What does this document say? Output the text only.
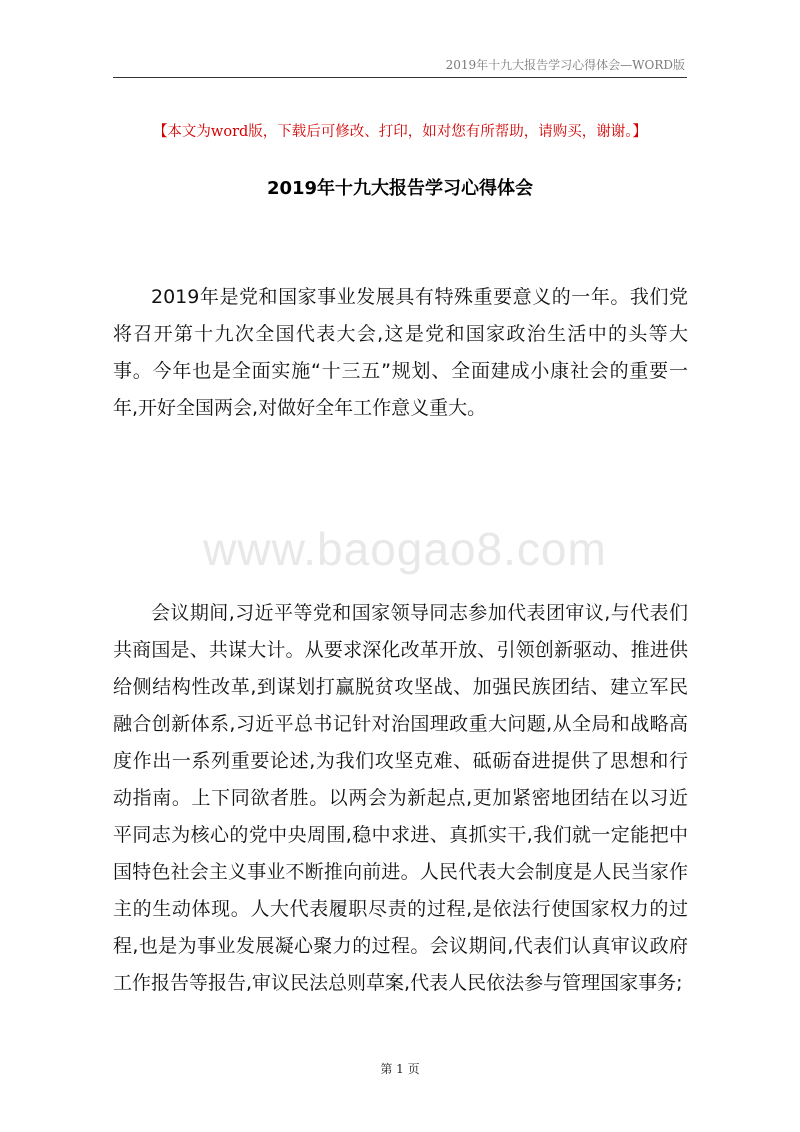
2019年十九大报告学习心得体会—WORD版
【本文为word版，下载后可修改、打印，如对您有所帮助，请购买，谢谢。】
2019年十九大报告学习心得体会

2019年是党和国家事业发展具有特殊重要意义的一年。我们党将召开第十九次全国代表大会,这是党和国家政治生活中的头等大事。今年也是全面实施“十三五”规划、全面建成小康社会的重要一年,开好全国两会,对做好全年工作意义重大。

www.baogao8.com

会议期间,习近平等党和国家领导同志参加代表团审议,与代表们共商国是、共谋大计。从要求深化改革开放、引领创新驱动、推进供给侧结构性改革,到谋划打赢脱贫攻坚战、加强民族团结、建立军民融合创新体系,习近平总书记针对治国理政重大问题,从全局和战略高度作出一系列重要论述,为我们攻坚克难、砥砺奋进提供了思想和行动指南。上下同欲者胜。以两会为新起点,更加紧密地团结在以习近平同志为核心的党中央周围,稳中求进、真抓实干,我们就一定能把中国特色社会主义事业不断推向前进。人民代表大会制度是人民当家作主的生动体现。人大代表履职尽责的过程,是依法行使国家权力的过程,也是为事业发展凝心聚力的过程。会议期间,代表们认真审议政府工作报告等报告,审议民法总则草案,代表人民依法参与管理国家事务;

第 1 页
